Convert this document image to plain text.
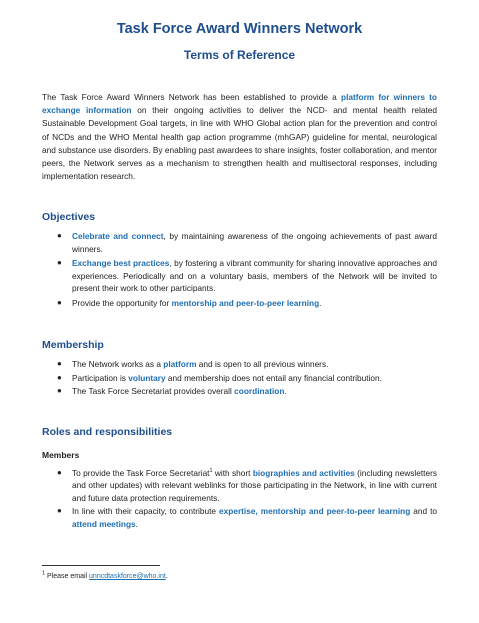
Task Force Award Winners Network
Terms of Reference

The Task Force Award Winners Network has been established to provide a platform for winners to exchange information on their ongoing activities to deliver the NCD- and mental health related Sustainable Development Goal targets, in line with WHO Global action plan for the prevention and control of NCDs and the WHO Mental health gap action programme (mhGAP) guideline for mental, neurological and substance use disorders. By enabling past awardees to share insights, foster collaboration, and mentor peers, the Network serves as a mechanism to strengthen health and multisectoral responses, including implementation research.

Objectives
● Celebrate and connect, by maintaining awareness of the ongoing achievements of past award winners.
● Exchange best practices, by fostering a vibrant community for sharing innovative approaches and experiences. Periodically and on a voluntary basis, members of the Network will be invited to present their work to other participants.
● Provide the opportunity for mentorship and peer-to-peer learning.
Membership
● The Network works as a platform and is open to all previous winners.
● Participation is voluntary and membership does not entail any financial contribution.
● The Task Force Secretariat provides overall coordination.
Roles and responsibilities

Members

● To provide the Task Force Secretariat$^1$ with short biographies and activities (including newsletters and other updates) with relevant weblinks for those participating in the Network, in line with current and future data protection requirements.
● In line with their capacity, to contribute expertise, mentorship and peer-to-peer learning and to attend meetings.
$^1$ Please email unncdtaskforce@who.int.
